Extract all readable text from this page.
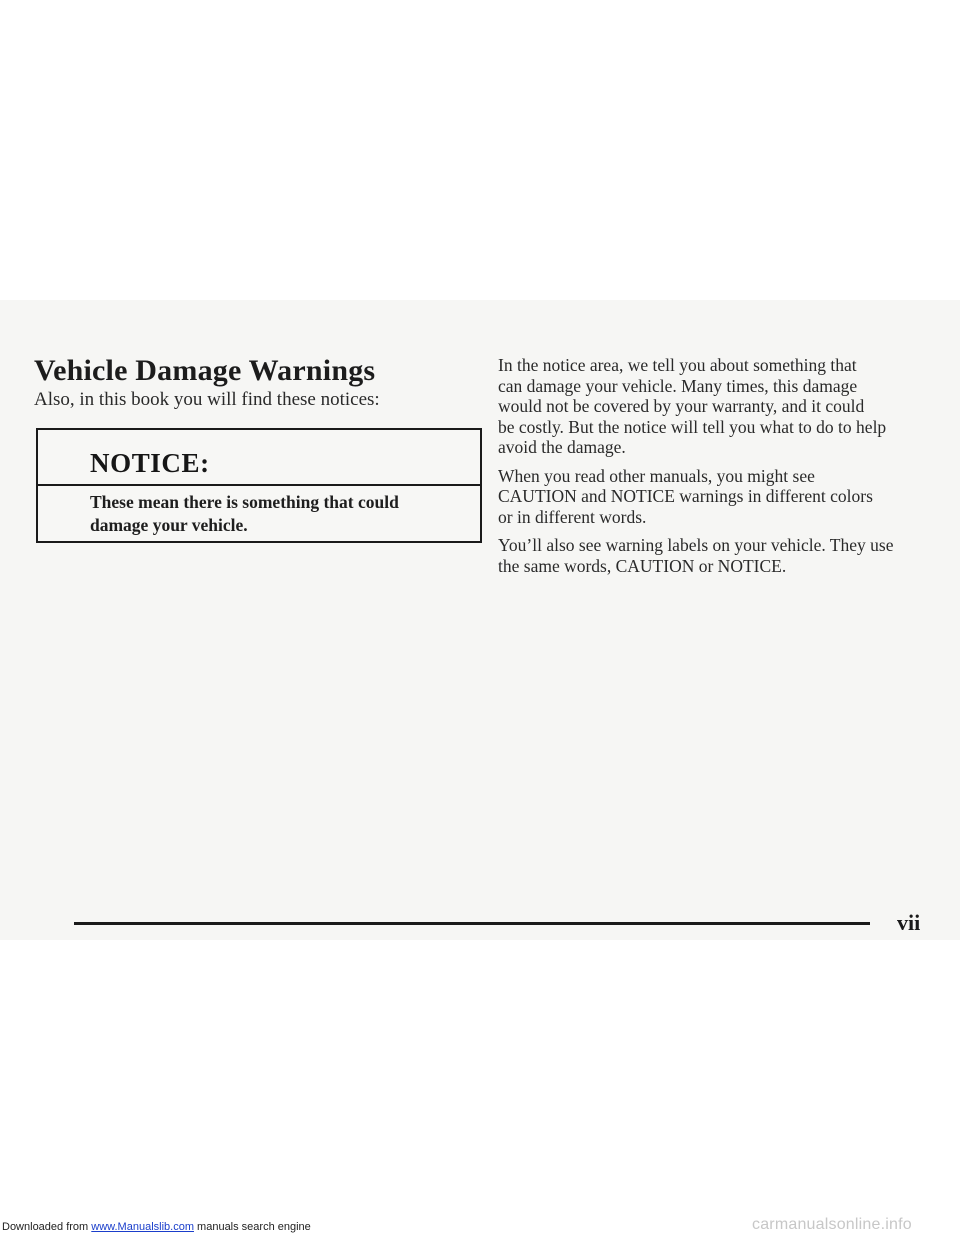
Vehicle Damage Warnings
Also, in this book you will find these notices:
NOTICE:
These mean there is something that could
damage your vehicle.

In the notice area, we tell you about something that
can damage your vehicle. Many times, this damage
would not be covered by your warranty, and it could
be costly. But the notice will tell you what to do to help
avoid the damage.

When you read other manuals, you might see
CAUTION and NOTICE warnings in different colors
or in different words.

You’ll also see warning labels on your vehicle. They use
the same words, CAUTION or NOTICE.

vii
Downloaded from www.Manualslib.com manuals search engine	carmanualsonline.info
